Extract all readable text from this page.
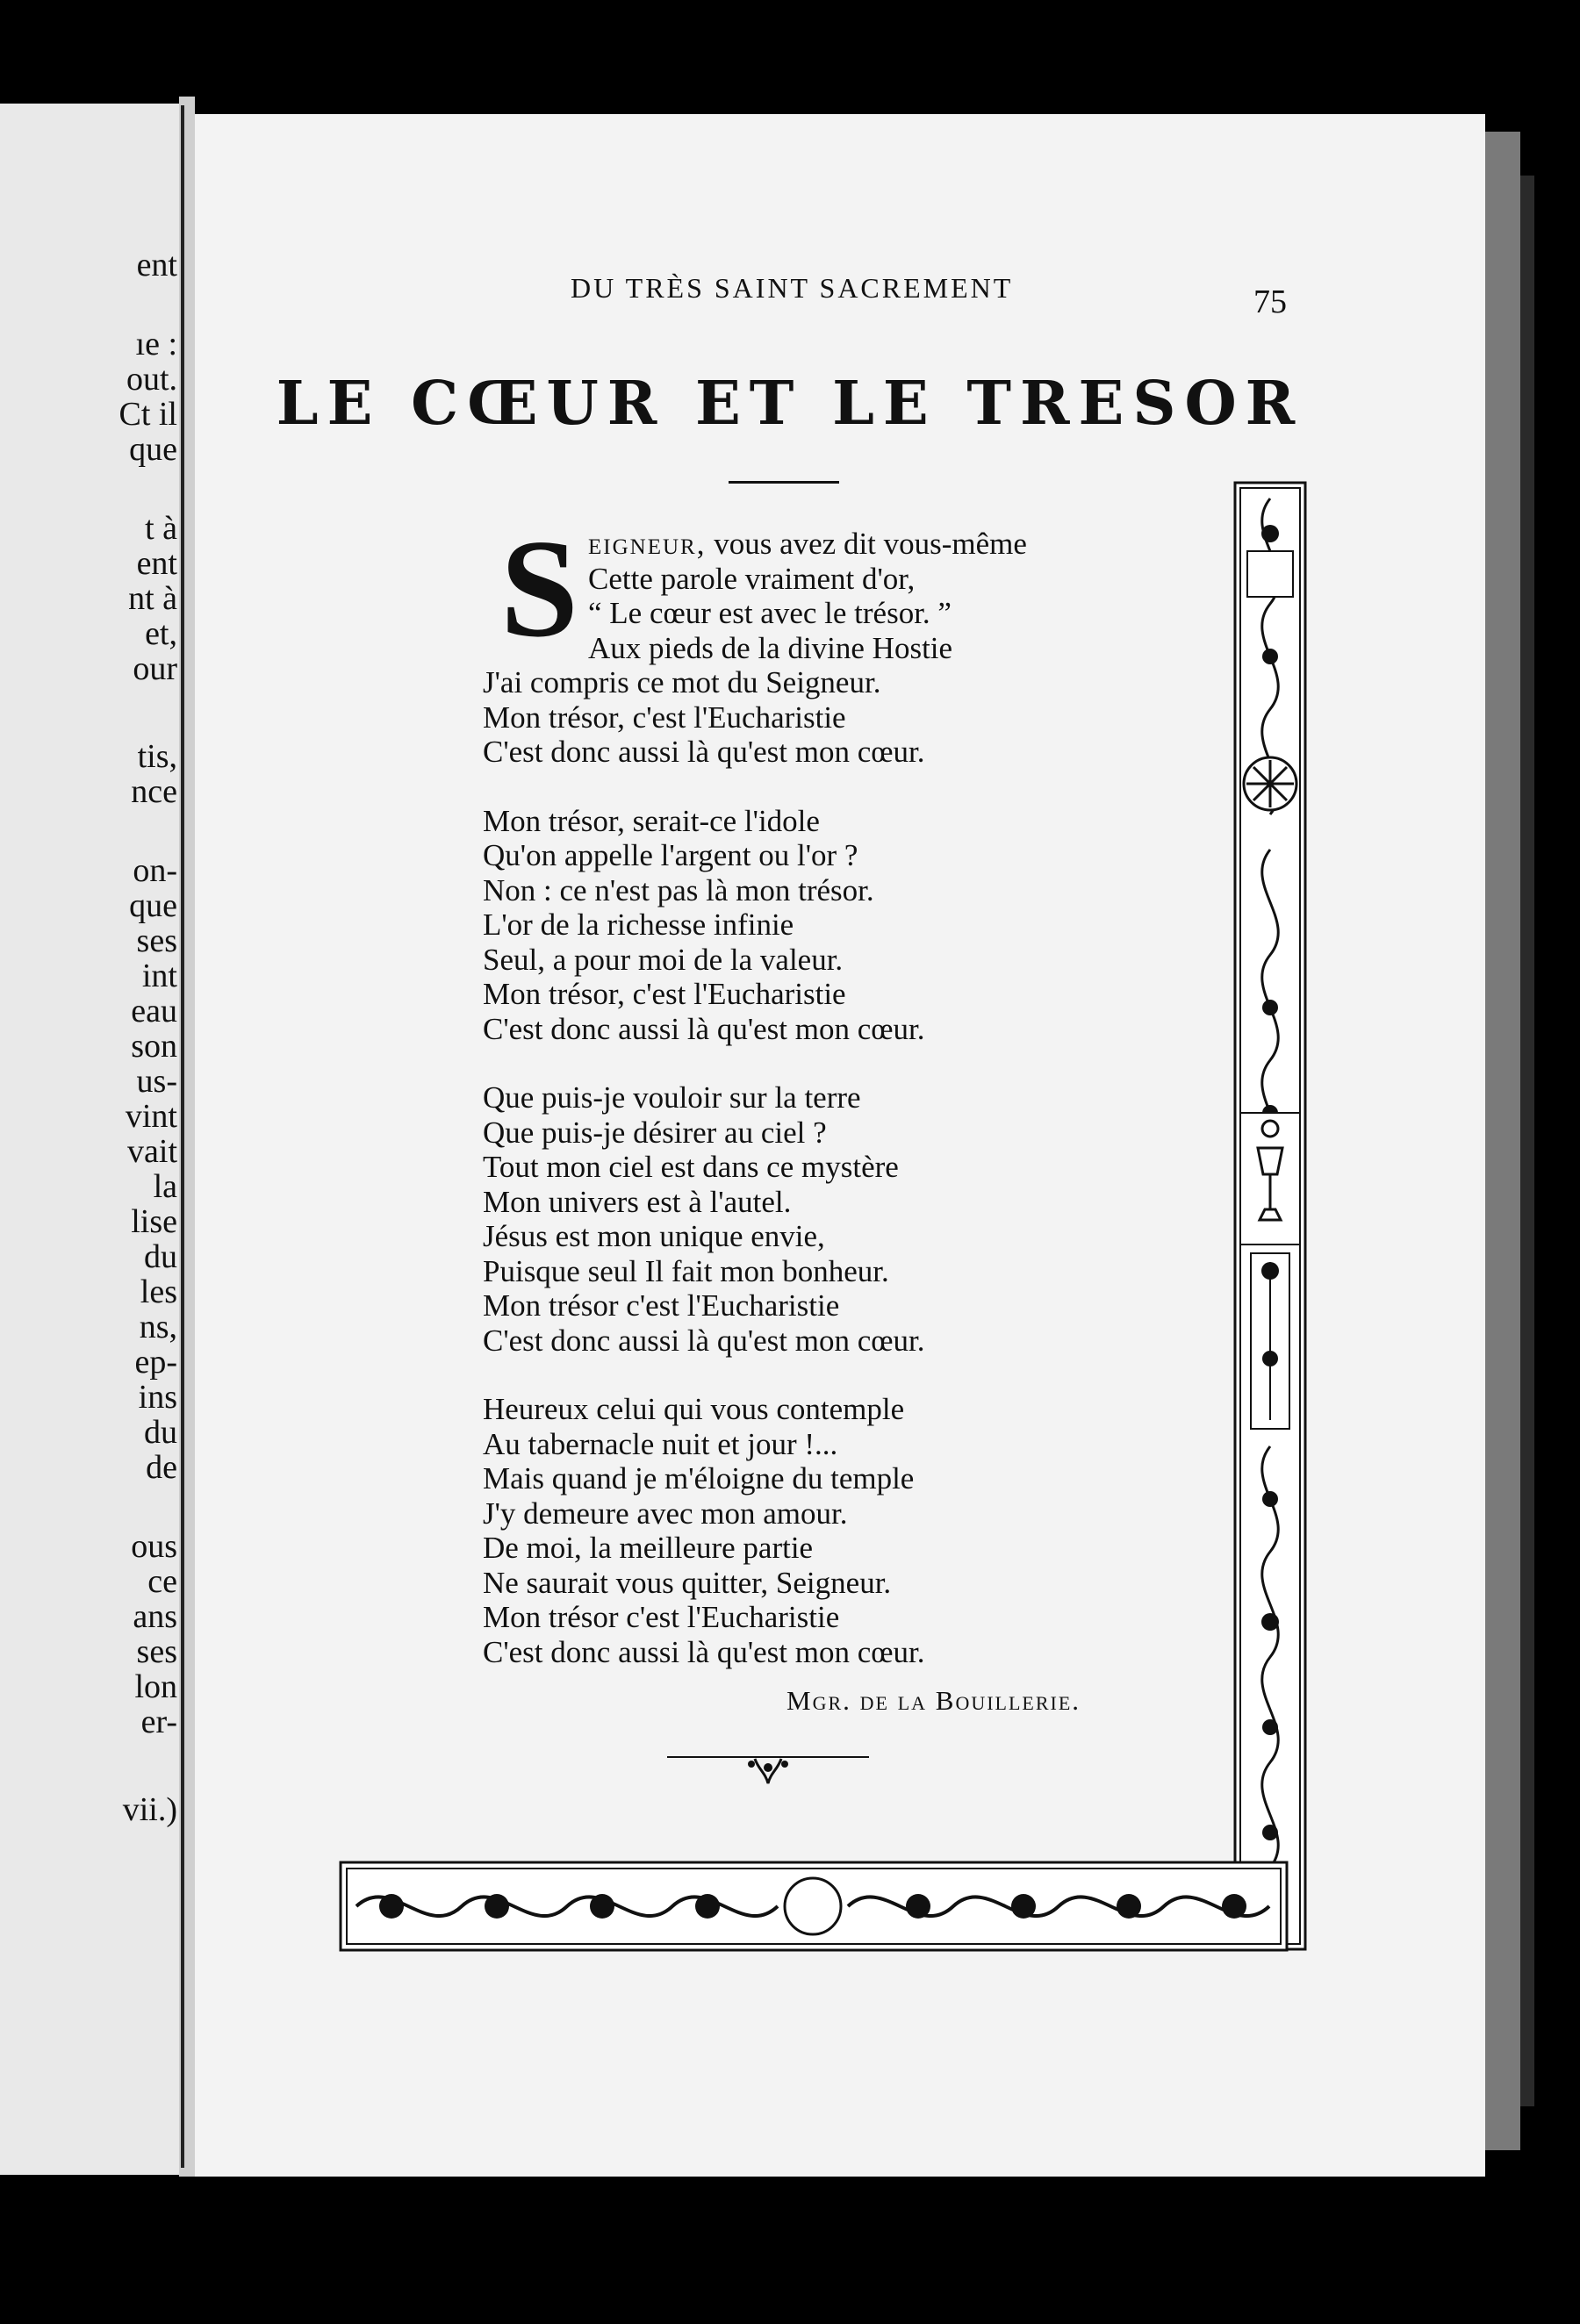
ent
ıe :
out.
Ct il
que
t à
ent
nt à
et,
our
tis,
nce
on-
que
ses
int
eau
son
us-
vint
vait
la
lise
du
les
ns,
ep-
ins
du
de
ous
ce
ans
ses
lon
er-
vii.)
DU TRÈS SAINT SACREMENT	75
LE CŒUR ET LE TRESOR
S eigneur, vous avez dit vous-même
Cette parole vraiment d'or,
“ Le cœur est avec le trésor. ”
Aux pieds de la divine Hostie
J'ai compris ce mot du Seigneur.
Mon trésor, c'est l'Eucharistie
C'est donc aussi là qu'est mon cœur.
Mon trésor, serait-ce l'idole
Qu'on appelle l'argent ou l'or ?
Non : ce n'est pas là mon trésor.
L'or de la richesse infinie
Seul, a pour moi de la valeur.
Mon trésor, c'est l'Eucharistie
C'est donc aussi là qu'est mon cœur.
Que puis-je vouloir sur la terre
Que puis-je désirer au ciel ?
Tout mon ciel est dans ce mystère
Mon univers est à l'autel.
Jésus est mon unique envie,
Puisque seul Il fait mon bonheur.
Mon trésor c'est l'Eucharistie
C'est donc aussi là qu'est mon cœur.
Heureux celui qui vous contemple
Au tabernacle nuit et jour !...
Mais quand je m'éloigne du temple
J'y demeure avec mon amour.
De moi, la meilleure partie
Ne saurait vous quitter, Seigneur.
Mon trésor c'est l'Eucharistie
C'est donc aussi là qu'est mon cœur.
Mgr. de la Bouillerie.
